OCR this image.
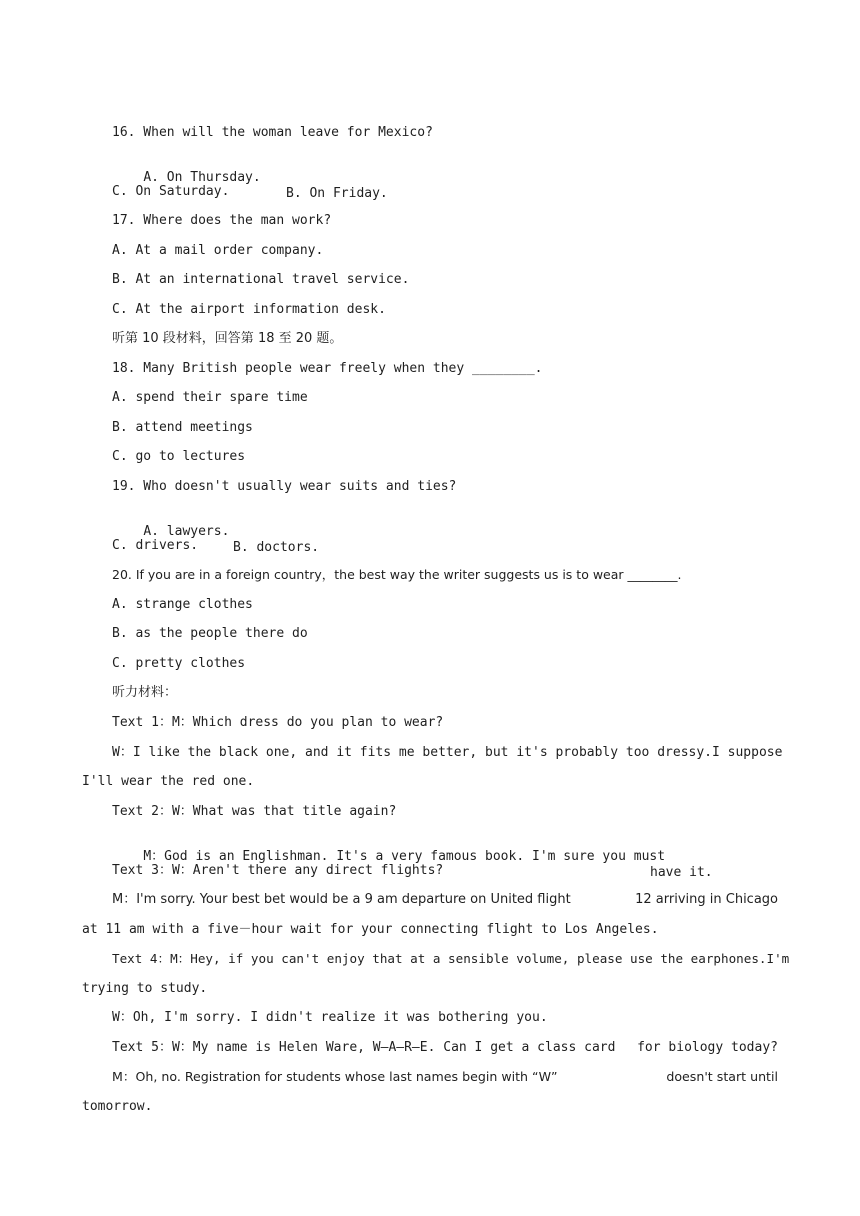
16. When will the woman leave for Mexico?

A. On Thursday.

B. On Friday.

C. On Saturday.
17. Where does the man work?
A. At a mail order company.
B. At an international travel service.
C. At the airport information desk.
听第 10 段材料，回答第 18 至 20 题。
18. Many British people wear freely when they ________.
A. spend their spare time
B. attend meetings
C. go to lectures
19. Who doesn't usually wear suits and ties?

A. lawyers.

B. doctors.

C. drivers.
20. If you are in a foreign country，the best way the writer suggests us is to wear ________.
A. strange clothes
B. as the people there do
C. pretty clothes
听力材料：
Text 1：M：Which dress do you plan to wear?
W：I like the black one, and it fits me better, but it's probably too dressy. I suppose
I'll wear the red one.
Text 2：W：What was that title again?

M：God is an Englishman. It's a very famous book. I'm sure you must

have it.

Text 3：W：Aren't there any direct flights?
M：I'm sorry. Your best bet would be a 9 am departure on United flight	12 arriving in Chicago
at 11 am with a five－hour wait for your connecting flight to Los Angeles.
Text 4：M：Hey, if you can't enjoy that at a sensible volume, please use the earphones. I'm
trying to study.
W：Oh, I'm sorry. I didn't realize it was bothering you.
Text 5：W：My name is Helen Ware, W—A—R—E. Can I get a class card for biology today?
M：Oh, no. Registration for students whose last names begin with “W”	doesn't start until
tomorrow.
